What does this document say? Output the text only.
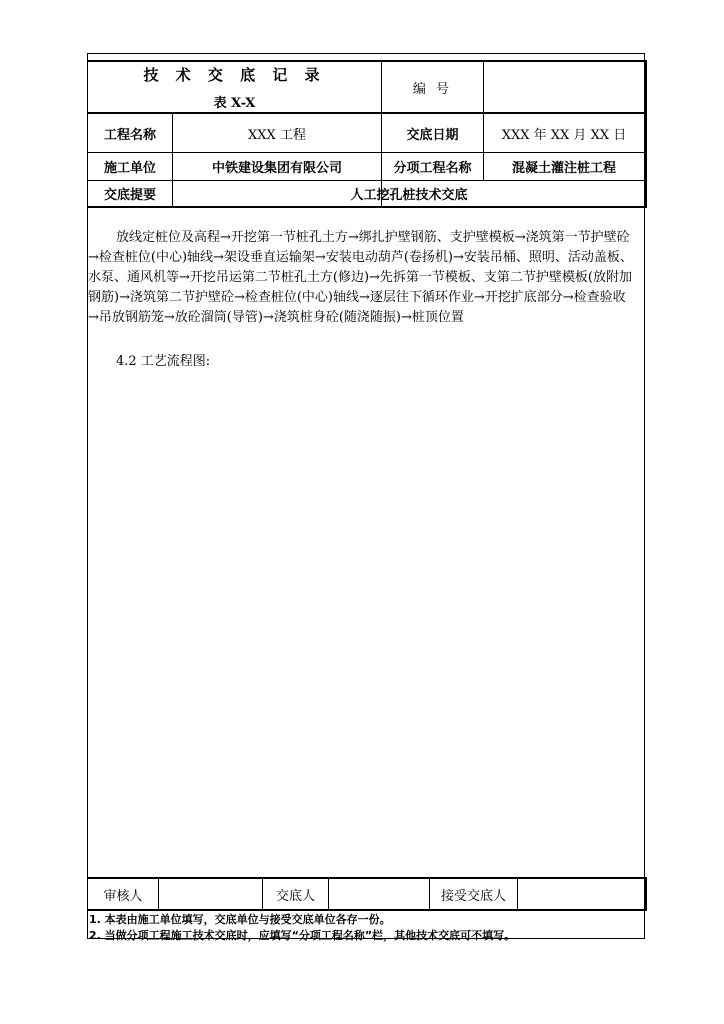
技 术 交 底 记 录
表 X-X
编 号
工程名称	XXX 工程	交底日期	XXX 年 XX 月 XX 日
施工单位	中铁建设集团有限公司	分项工程名称	混凝土灌注桩工程
交底提要	人工挖孔桩技术交底
放线定桩位及高程→开挖第一节桩孔土方→绑扎护壁钢筋、支护壁模板→浇筑第一节护壁砼→检查桩位(中心)轴线→架设垂直运输架→安装电动葫芦(卷扬机)→安装吊桶、照明、活动盖板、水泵、通风机等→开挖吊运第二节桩孔土方(修边)→先拆第一节模板、支第二节护壁模板(放附加钢筋)→浇筑第二节护壁砼→检查桩位(中心)轴线→逐层往下循环作业→开挖扩底部分→检查验收→吊放钢筋笼→放砼溜筒(导管)→浇筑桩身砼(随浇随振)→桩顶位置
4.2 工艺流程图:
审核人	交底人	接受交底人
1. 本表由施工单位填写，交底单位与接受交底单位各存一份。
2. 当做分项工程施工技术交底时，应填写“分项工程名称”栏，其他技术交底可不填写。
